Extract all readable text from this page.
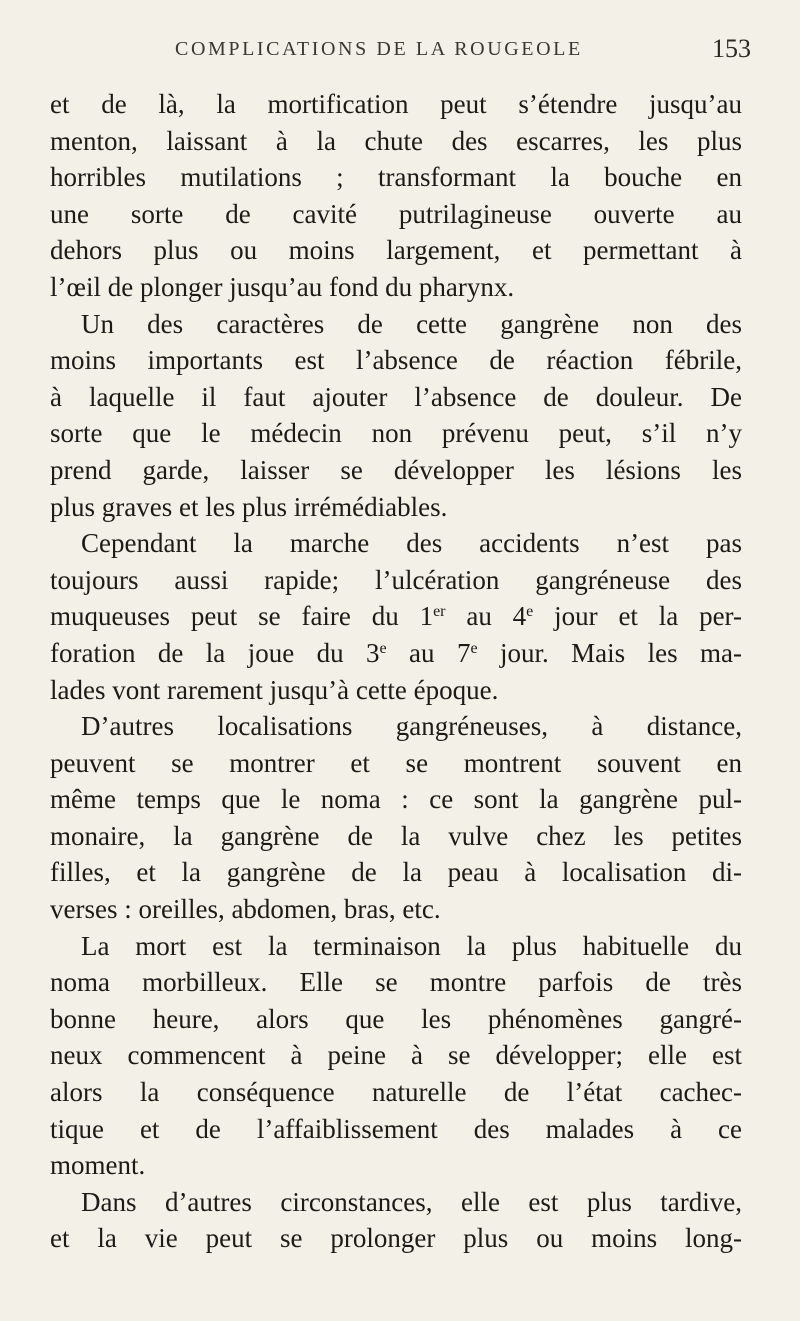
COMPLICATIONS DE LA ROUGEOLE	153
et de là, la mortification peut s’étendre jusqu’au
menton, laissant à la chute des escarres, les plus
horribles mutilations ; transformant la bouche en
une sorte de cavité putrilagineuse ouverte au
dehors plus ou moins largement, et permettant à
l’œil de plonger jusqu’au fond du pharynx.
Un des caractères de cette gangrène non des
moins importants est l’absence de réaction fébrile,
à laquelle il faut ajouter l’absence de douleur. De
sorte que le médecin non prévenu peut, s’il n’y
prend garde, laisser se développer les lésions les
plus graves et les plus irrémédiables.
Cependant la marche des accidents n’est pas
toujours aussi rapide; l’ulcération gangréneuse des
muqueuses peut se faire du 1er au 4e jour et la per-
foration de la joue du 3e au 7e jour. Mais les ma-
lades vont rarement jusqu’à cette époque.
D’autres localisations gangréneuses, à distance,
peuvent se montrer et se montrent souvent en
même temps que le noma : ce sont la gangrène pul-
monaire, la gangrène de la vulve chez les petites
filles, et la gangrène de la peau à localisation di-
verses : oreilles, abdomen, bras, etc.
La mort est la terminaison la plus habituelle du
noma morbilleux. Elle se montre parfois de très
bonne heure, alors que les phénomènes gangré-
neux commencent à peine à se développer; elle est
alors la conséquence naturelle de l’état cachec-
tique et de l’affaiblissement des malades à ce
moment.
Dans d’autres circonstances, elle est plus tardive,
et la vie peut se prolonger plus ou moins long-
